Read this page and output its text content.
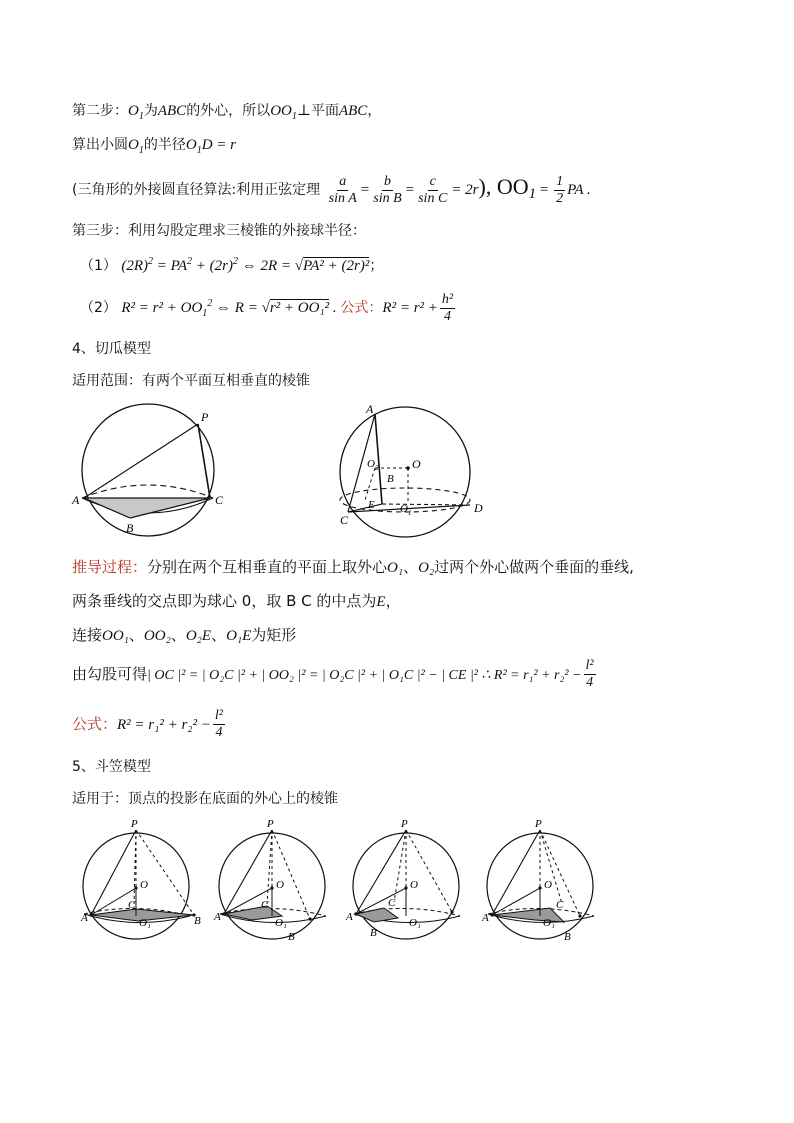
第二步：$O_1$为ABC的外心，所以$OO_1\perp$平面ABC，
算出小圆$O_1$的半径$O_1D = r$
(三角形的外接圆直径算法:利用正弦定理 $\frac{a}{\text{sin A}} = \frac{b}{\text{sin B}} = \frac{c}{\text{sin C}} = 2r$), $OO_1 = \frac{1}{2}$ PA .
第三步：利用勾股定理求三棱锥的外接球半径：
（1） $(2R)^2 = PA^2 + (2r)^2$ ⇔ 2R = √PA² + (2r)²；
（2） $R^2 = r^2 + OO_1^2$ ⇔ R = √r² + OO₁² . 公式：$R^2 = r^2 + \frac{\text{h²}}{4}$
4、切瓜模型
适用范围：有两个平面互相垂直的棱锥
P
A	C
B
A
O
O 2
B
O 1
C
E	D
推导过程：分别在两个互相垂直的平面上取外心O₁、O₂过两个外心做两个垂面的垂线,
两条垂线的交点即为球心 0，取 B C 的中点为E，
连接OO₁、OO₂、O₂E、O₁E为矩形
由勾股可得| OC |² = | O₂C |² + | OO₂ |² = | O₂C |² + | O₁C |² − | CE |² ∴ $R^2 = r_1^2 + r_2^2 - \frac{\text{l²}}{4}$
公式：$R^2 = r_1^2 + r_2^2 - \frac{\text{l²}}{4}$
5、斗笠模型
适用于：顶点的投影在底面的外心上的棱锥
P
O
C
A	B
O₁
P
O
C
A
B
O₁
P
O
C
A
B
O₁
P
O
C
A
B
O₁
